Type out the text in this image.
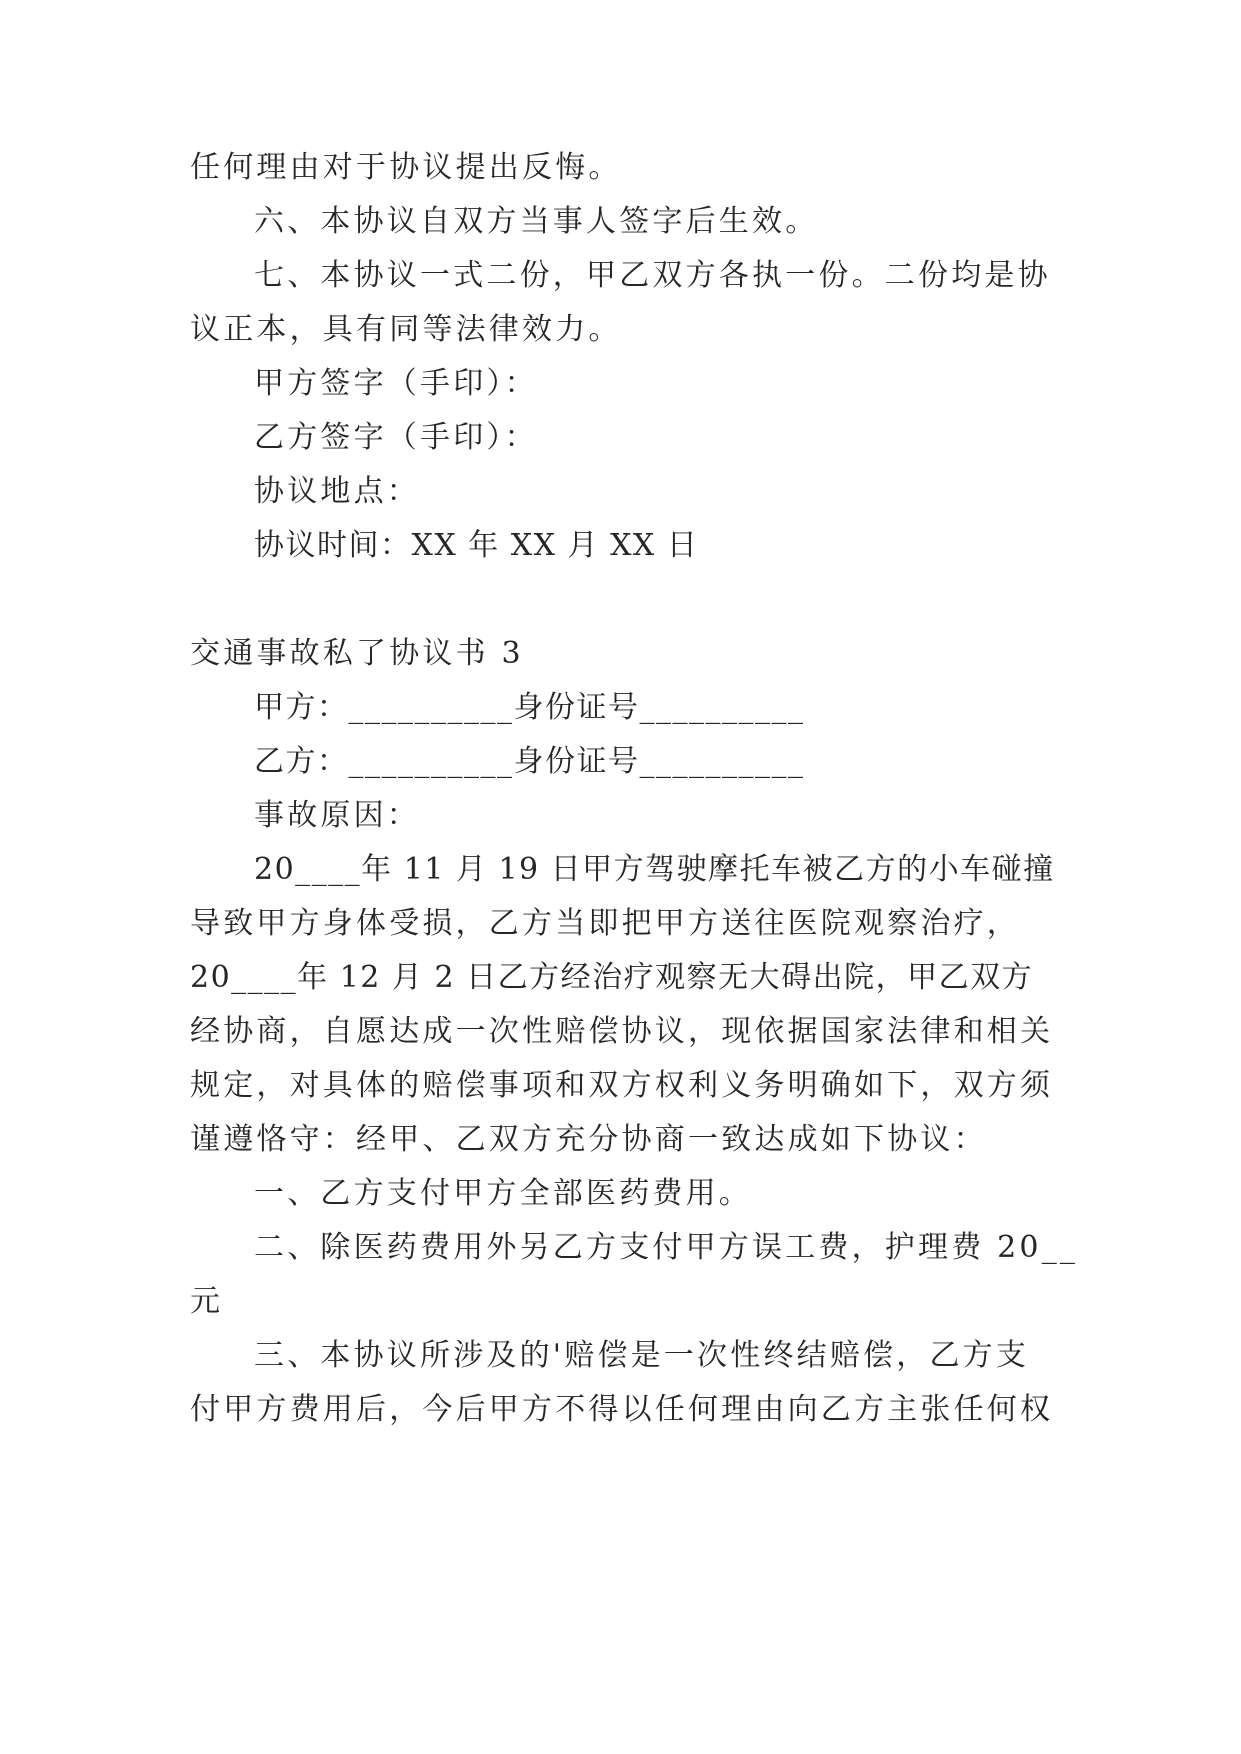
任何理由对于协议提出反悔。
六、本协议自双方当事人签字后生效。
七、本协议一式二份，甲乙双方各执一份。二份均是协
议正本，具有同等法律效力。
甲方签字（手印）：
乙方签字（手印）：
协议地点：
协议时间：XX 年 XX 月 XX 日
交通事故私了协议书 3
甲方：__________身份证号__________
乙方：__________身份证号__________
事故原因：
20____年 11 月 19 日甲方驾驶摩托车被乙方的小车碰撞
导致甲方身体受损，乙方当即把甲方送往医院观察治疗，
20____年 12 月 2 日乙方经治疗观察无大碍出院，甲乙双方
经协商，自愿达成一次性赔偿协议，现依据国家法律和相关
规定，对具体的赔偿事项和双方权利义务明确如下，双方须
谨遵恪守：经甲、乙双方充分协商一致达成如下协议：
一、乙方支付甲方全部医药费用。
二、除医药费用外另乙方支付甲方误工费，护理费 20__
元
三、本协议所涉及的'赔偿是一次性终结赔偿，乙方支
付甲方费用后，今后甲方不得以任何理由向乙方主张任何权
